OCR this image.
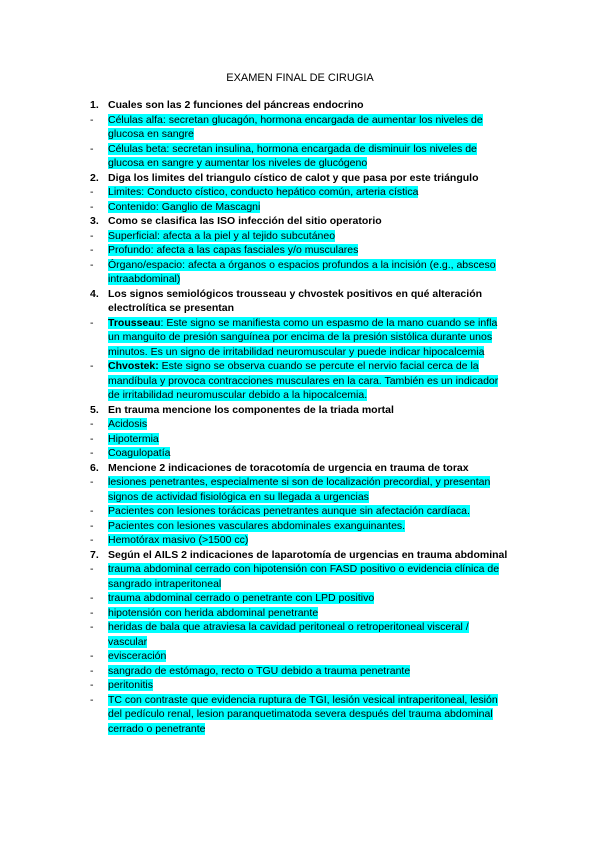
EXAMEN FINAL DE CIRUGIA
1. Cuales son las 2 funciones del páncreas endocrino
- Células alfa: secretan glucagón, hormona encargada de aumentar los niveles de glucosa en sangre
- Células beta: secretan insulina, hormona encargada de disminuir los niveles de glucosa en sangre y aumentar los niveles de glucógeno
2. Diga los limites del triangulo cístico de calot y que pasa por este triángulo
- Limites: Conducto cístico, conducto hepático común, arteria cística
- Contenido: Ganglio de Mascagni
3. Como se clasifica las ISO infección del sitio operatorio
- Superficial: afecta a la piel y al tejido subcutáneo
- Profundo: afecta a las capas fasciales y/o musculares
- Órgano/espacio: afecta a órganos o espacios profundos a la incisión (e.g., absceso intraabdominal)
4. Los signos semiológicos trousseau y chvostek positivos en qué alteración electrolítica se presentan
- Trousseau: Este signo se manifiesta como un espasmo de la mano cuando se infla un manguito de presión sanguínea por encima de la presión sistólica durante unos minutos. Es un signo de irritabilidad neuromuscular y puede indicar hipocalcemia
- Chvostek: Este signo se observa cuando se percute el nervio facial cerca de la mandíbula y provoca contracciones musculares en la cara. También es un indicador de irritabilidad neuromuscular debido a la hipocalcemia.
5. En trauma mencione los componentes de la triada mortal
- Acidosis
- Hipotermia
- Coagulopatía
6. Mencione 2 indicaciones de toracotomía de urgencia en trauma de torax
- lesiones penetrantes, especialmente si son de localización precordial, y presentan signos de actividad fisiológica en su llegada a urgencias
- Pacientes con lesiones torácicas penetrantes aunque sin afectación cardíaca.
- Pacientes con lesiones vasculares abdominales exanguinantes.
- Hemotórax masivo (>1500 cc)
7. Según el AILS 2 indicaciones de laparotomía de urgencias en trauma abdominal
- trauma abdominal cerrado con hipotensión con FASD positivo o evidencia clínica de sangrado intraperitoneal
- trauma abdominal cerrado o penetrante con LPD positivo
- hipotensión con herida abdominal penetrante
- heridas de bala que atraviesa la cavidad peritoneal o retroperitoneal visceral / vascular
- evisceración
- sangrado de estómago, recto o TGU debido a trauma penetrante
- peritonitis
- TC con contraste que evidencia ruptura de TGI, lesión vesical intraperitoneal, lesión del pedículo renal, lesion paranquetimatoda severa después del trauma abdominal cerrado o penetrante
